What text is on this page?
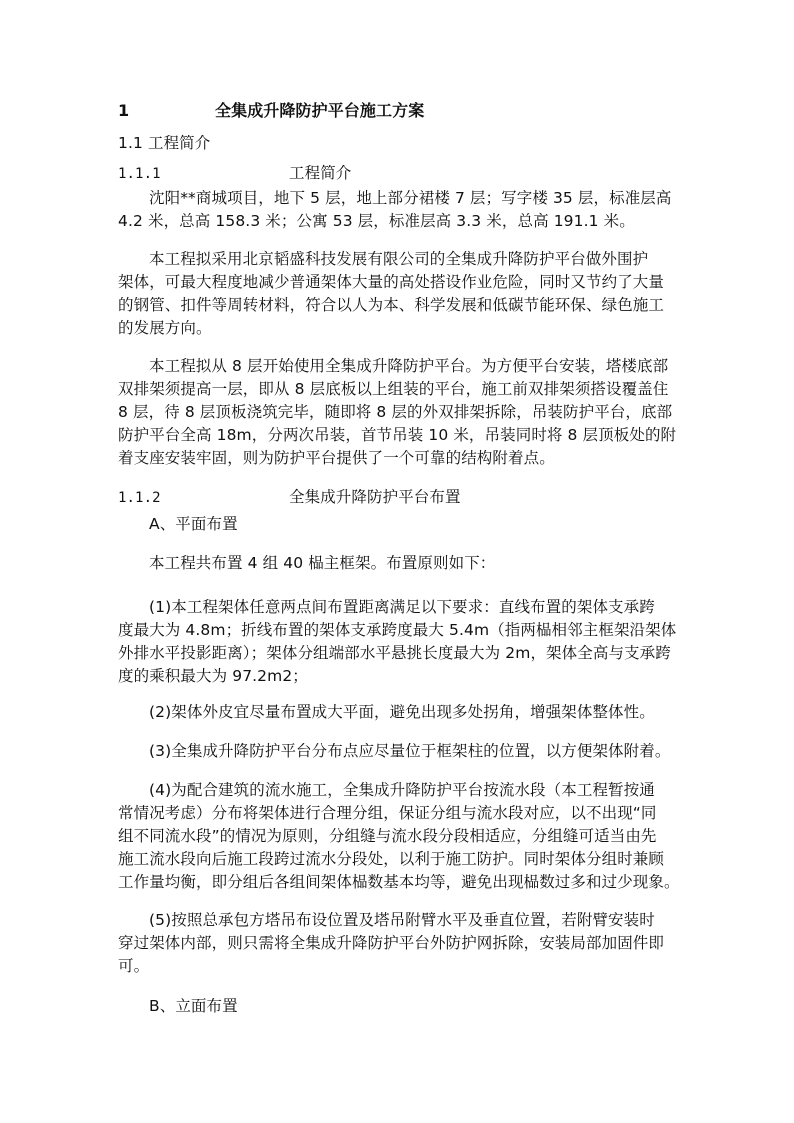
1	全集成升降防护平台施工方案
1.1 工程简介
1.1.1	工程简介
沈阳**商城项目，地下 5 层，地上部分裙楼 7 层；写字楼 35 层，标准层高
4.2 米，总高 158.3 米；公寓 53 层，标准层高 3.3 米，总高 191.1 米。
本工程拟采用北京韬盛科技发展有限公司的全集成升降防护平台做外围护
架体，可最大程度地减少普通架体大量的高处搭设作业危险，同时又节约了大量
的钢管、扣件等周转材料，符合以人为本、科学发展和低碳节能环保、绿色施工
的发展方向。
本工程拟从 8 层开始使用全集成升降防护平台。为方便平台安装，塔楼底部
双排架须提高一层，即从 8 层底板以上组装的平台，施工前双排架须搭设覆盖住
8 层，待 8 层顶板浇筑完毕，随即将 8 层的外双排架拆除，吊装防护平台，底部
防护平台全高 18m，分两次吊装，首节吊装 10 米，吊装同时将 8 层顶板处的附
着支座安装牢固，则为防护平台提供了一个可靠的结构附着点。
1.1.2	全集成升降防护平台布置
A、平面布置
本工程共布置 4 组 40 榀主框架。布置原则如下：
(1)本工程架体任意两点间布置距离满足以下要求：直线布置的架体支承跨
度最大为 4.8m；折线布置的架体支承跨度最大 5.4m（指两榀相邻主框架沿架体
外排水平投影距离）；架体分组端部水平悬挑长度最大为 2m，架体全高与支承跨
度的乘积最大为 97.2m2；
(2)架体外皮宜尽量布置成大平面，避免出现多处拐角，增强架体整体性。
(3)全集成升降防护平台分布点应尽量位于框架柱的位置，以方便架体附着。
(4)为配合建筑的流水施工，全集成升降防护平台按流水段（本工程暂按通
常情况考虑）分布将架体进行合理分组，保证分组与流水段对应，以不出现“同
组不同流水段”的情况为原则，分组缝与流水段分段相适应，分组缝可适当由先
施工流水段向后施工段跨过流水分段处，以利于施工防护。同时架体分组时兼顾
工作量均衡，即分组后各组间架体榀数基本均等，避免出现榀数过多和过少现象。
(5)按照总承包方塔吊布设位置及塔吊附臂水平及垂直位置，若附臂安装时
穿过架体内部，则只需将全集成升降防护平台外防护网拆除，安装局部加固件即
可。
B、立面布置
